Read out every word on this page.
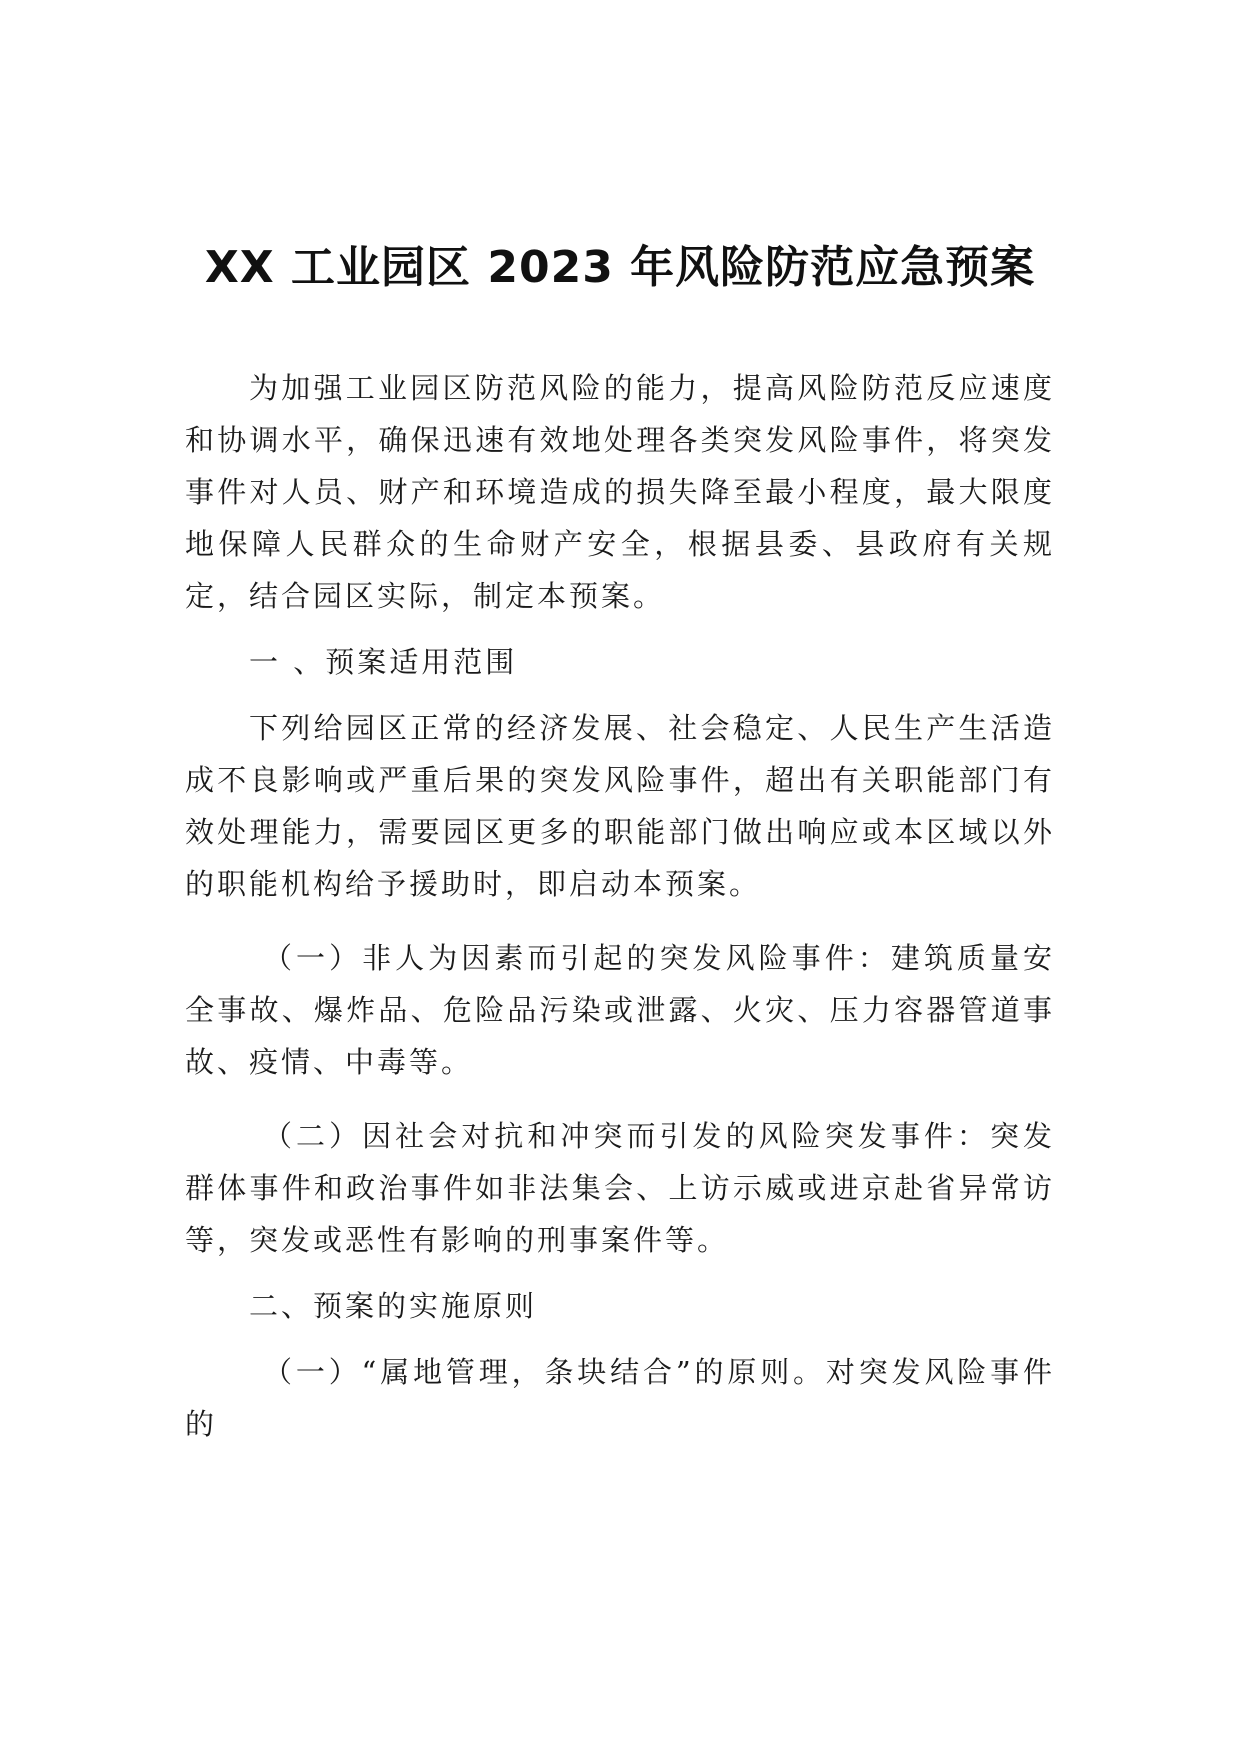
XX 工业园区 2023 年风险防范应急预案

为加强工业园区防范风险的能力，提高风险防范反应速度和协调水平，确保迅速有效地处理各类突发风险事件，将突发事件对人员、财产和环境造成的损失降至最小程度，最大限度地保障人民群众的生命财产安全，根据县委、县政府有关规定，结合园区实际，制定本预案。

一 、预案适用范围

下列给园区正常的经济发展、社会稳定、人民生产生活造成不良影响或严重后果的突发风险事件，超出有关职能部门有效处理能力，需要园区更多的职能部门做出响应或本区域以外的职能机构给予援助时，即启动本预案。

（一）非人为因素而引起的突发风险事件：建筑质量安全事故、爆炸品、危险品污染或泄露、火灾、压力容器管道事故、疫情、中毒等。

（二）因社会对抗和冲突而引发的风险突发事件：突发群体事件和政治事件如非法集会、上访示威或进京赴省异常访等，突发或恶性有影响的刑事案件等。

二、预案的实施原则

（一）“属地管理，条块结合”的原则。对突发风险事件的
